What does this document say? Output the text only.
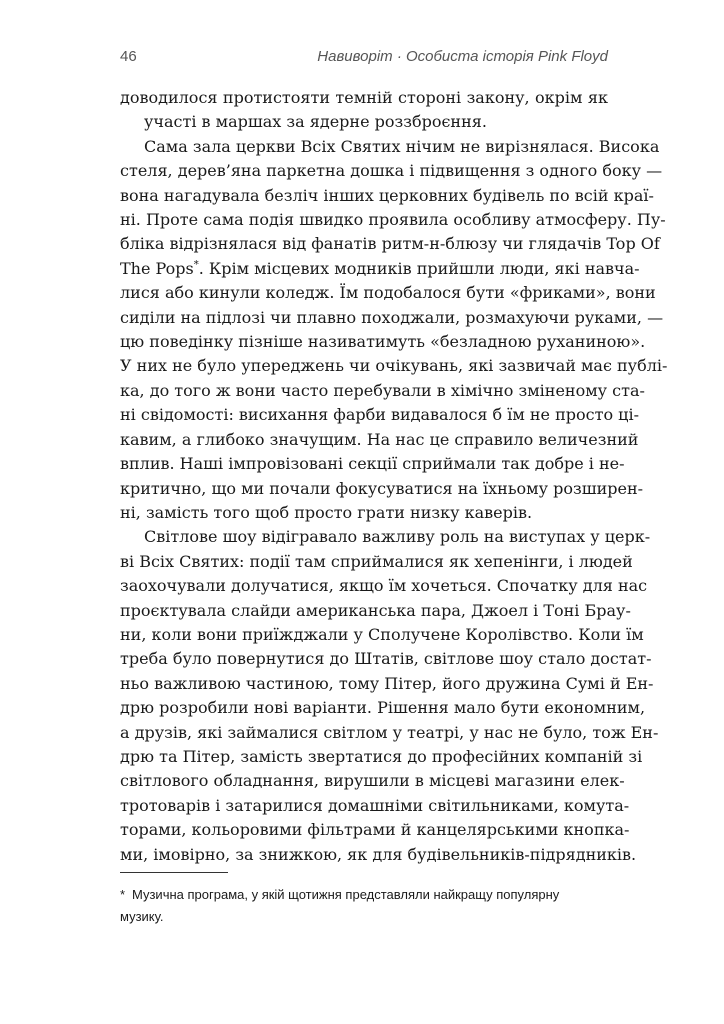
46	Навиворіт · Особиста історія Pink Floyd
доводилося протистояти темній стороні закону, окрім як
участі в маршах за ядерне роззброєння.
Сама зала церкви Всіх Святих нічим не вирізнялася. Висока
стеля, дерев’яна паркетна дошка і підвищення з одного боку —
вона нагадувала безліч інших церковних будівель по всій краї-
ні. Проте сама подія швидко проявила особливу атмосферу. Пу-
бліка відрізнялася від фанатів ритм-н-блюзу чи глядачів Top Of
The Pops*. Крім місцевих модників прийшли люди, які навча-
лися або кинули коледж. Їм подобалося бути «фриками», вони
сиділи на підлозі чи плавно походжали, розмахуючи руками, —
цю поведінку пізніше називатимуть «безладною руханиною».
У них не було упереджень чи очікувань, які зазвичай має публі-
ка, до того ж вони часто перебували в хімічно зміненому ста-
ні свідомості: висихання фарби видавалося б їм не просто ці-
кавим, а глибоко значущим. На нас це справило величезний
вплив. Наші імпровізовані секції сприймали так добре і не-
критично, що ми почали фокусуватися на їхньому розширен-
ні, замість того щоб просто грати низку каверів.
Світлове шоу відігравало важливу роль на виступах у церк-
ві Всіх Святих: події там сприймалися як хепенінги, і людей
заохочували долучатися, якщо їм хочеться. Спочатку для нас
проєктувала слайди американська пара, Джоел і Тоні Брау-
ни, коли вони приїжджали у Сполучене Королівство. Коли їм
треба було повернутися до Штатів, світлове шоу стало достат-
ньо важливою частиною, тому Пітер, його дружина Сумі й Ен-
дрю розробили нові варіанти. Рішення мало бути економним,
а друзів, які займалися світлом у театрі, у нас не було, тож Ен-
дрю та Пітер, замість звертатися до професійних компаній зі
світлового обладнання, вирушили в місцеві магазини елек-
тротоварів і затарилися домашніми світильниками, комута-
торами, кольоровими фільтрами й канцелярськими кнопка-
ми, імовірно, за знижкою, як для будівельників-підрядників.
* Музична програма, у якій щотижня представляли найкращу популярну
музику.
